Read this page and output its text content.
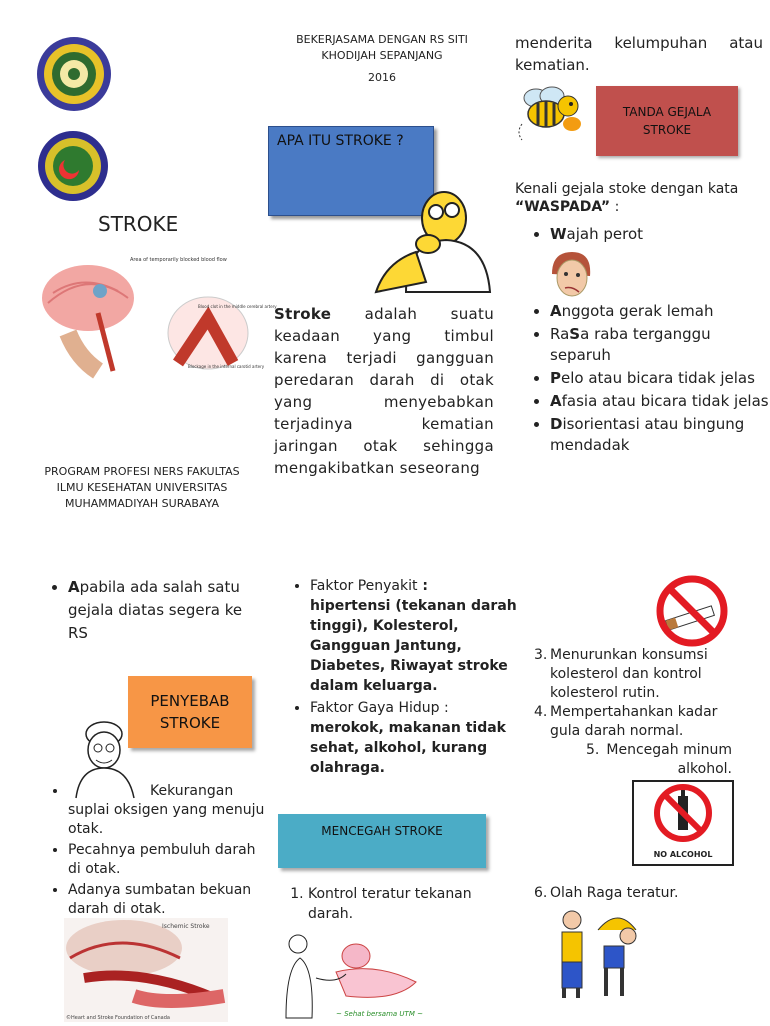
STROKE
Area of temporarily blocked blood flow
Blood clot in the middle cerebral artery
Blockage in the internal carotid artery
PROGRAM PROFESI NERS FAKULTAS ILMU KESEHATAN UNIVERSITAS MUHAMMADIYAH SURABAYA
BEKERJASAMA DENGAN RS SITI
KHODIJAH SEPANJANG
2016
APA ITU STROKE ?
Stroke adalah suatu keadaan yang timbul karena terjadi gangguan peredaran darah di otak yang menyebabkan terjadinya kematian jaringan otak sehingga mengakibatkan seseorang
menderita kelumpuhan atau kematian.
TANDA GEJALA STROKE
Kenali gejala stoke dengan kata “WASPADA” :
• Wajah perot
• Anggota gerak lemah
• RaSa raba terganggu separuh
• Pelo atau bicara tidak jelas
• Afasia atau bicara tidak jelas
• Disorientasi atau bingung mendadak
• Apabila ada salah satu gejala diatas segera ke RS
PENYEBAB
STROKE
• Kekurangan suplai oksigen yang menuju otak.
• Pecahnya pembuluh darah di otak.
• Adanya sumbatan bekuan darah di otak.
Ischemic Stroke
©Heart and Stroke Foundation of Canada
• Faktor Penyakit :
hipertensi (tekanan darah tinggi), Kolesterol, Gangguan Jantung, Diabetes, Riwayat stroke dalam keluarga.
• Faktor Gaya Hidup :
merokok, makanan tidak sehat, alkohol, kurang olahraga.
MENCEGAH STROKE
1. Kontrol teratur tekanan darah.
~ Sehat bersama UTM ~
3. Menurunkan konsumsi kolesterol dan kontrol kolesterol rutin.
4. Mempertahankan kadar gula darah normal.
5. Mencegah minum alkohol.
NO ALCOHOL
6. Olah Raga teratur.
